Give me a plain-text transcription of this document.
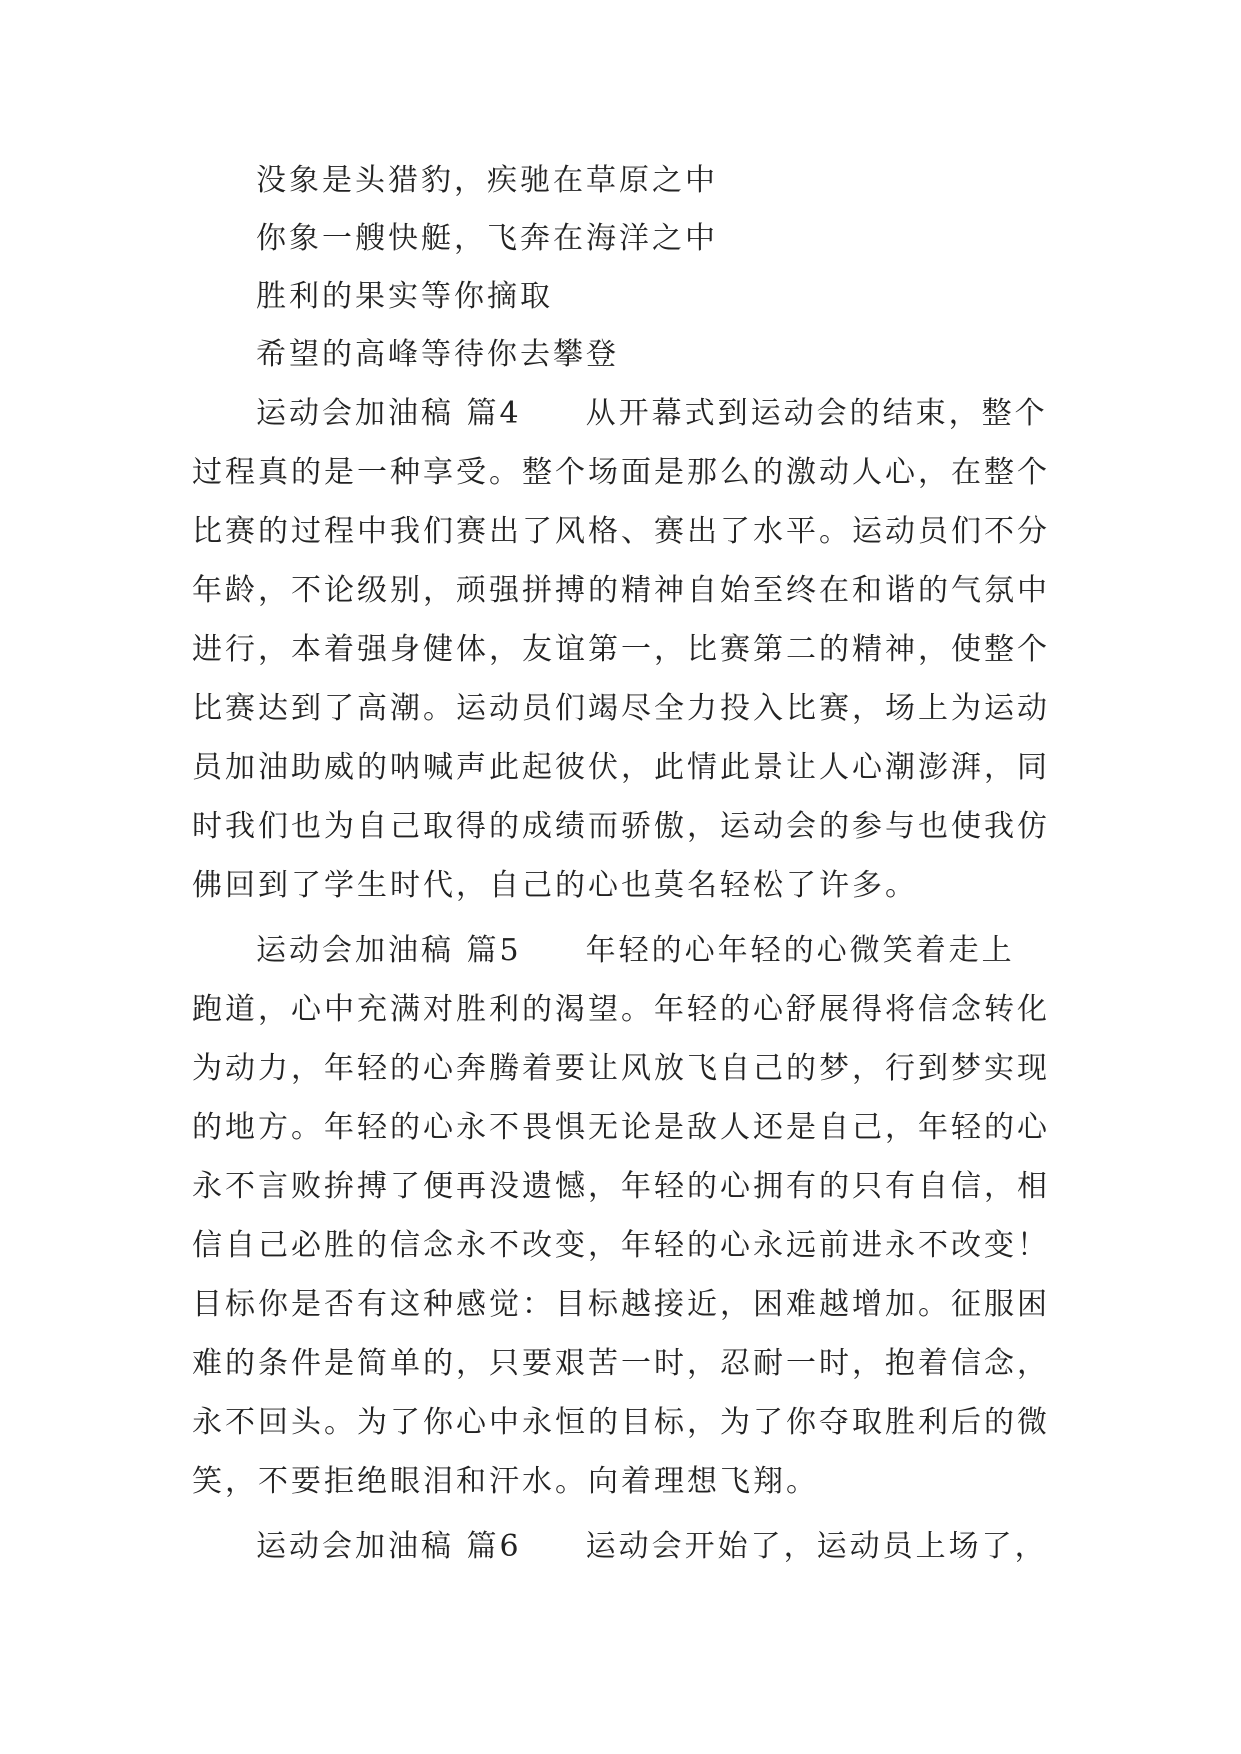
没象是头猎豹，疾驰在草原之中

你象一艘快艇，飞奔在海洋之中

胜利的果实等你摘取

希望的高峰等待你去攀登

运动会加油稿 篇4 从开幕式到运动会的结束，整个
过程真的是一种享受。整个场面是那么的激动人心，在整个
比赛的过程中我们赛出了风格、赛出了水平。运动员们不分
年龄，不论级别，顽强拼搏的精神自始至终在和谐的气氛中
进行，本着强身健体，友谊第一，比赛第二的精神，使整个
比赛达到了高潮。运动员们竭尽全力投入比赛，场上为运动
员加油助威的呐喊声此起彼伏，此情此景让人心潮澎湃，同
时我们也为自己取得的成绩而骄傲，运动会的参与也使我仿
佛回到了学生时代，自己的心也莫名轻松了许多。
运动会加油稿 篇5 年轻的心年轻的心微笑着走上
跑道，心中充满对胜利的渴望。年轻的心舒展得将信念转化
为动力，年轻的心奔腾着要让风放飞自己的梦，行到梦实现
的地方。年轻的心永不畏惧无论是敌人还是自己，年轻的心
永不言败拚搏了便再没遗憾，年轻的心拥有的只有自信，相
信自己必胜的信念永不改变，年轻的心永远前进永不改变！
目标你是否有这种感觉：目标越接近，困难越增加。征服困
难的条件是简单的，只要艰苦一时，忍耐一时，抱着信念，
永不回头。为了你心中永恒的目标，为了你夺取胜利后的微
笑，不要拒绝眼泪和汗水。向着理想飞翔。
运动会加油稿 篇6 运动会开始了，运动员上场了，
